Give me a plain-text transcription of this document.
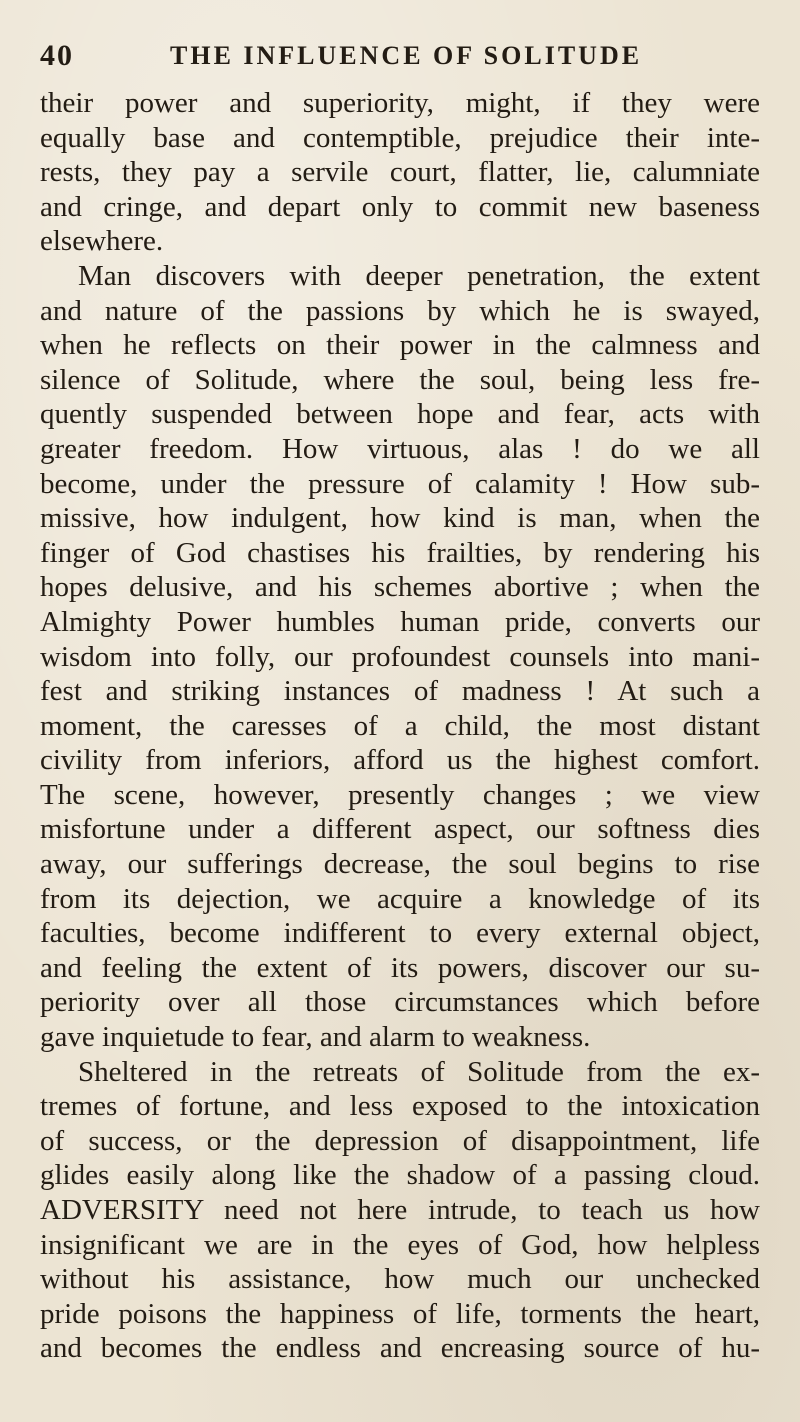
40	THE INFLUENCE OF SOLITUDE
their power and superiority, might, if they were
equally base and contemptible, prejudice their inte-
rests, they pay a servile court, flatter, lie, calumniate
and cringe, and depart only to commit new baseness
elsewhere.
Man discovers with deeper penetration, the extent
and nature of the passions by which he is swayed,
when he reflects on their power in the calmness and
silence of Solitude, where the soul, being less fre-
quently suspended between hope and fear, acts with
greater freedom. How virtuous, alas ! do we all
become, under the pressure of calamity ! How sub-
missive, how indulgent, how kind is man, when the
finger of God chastises his frailties, by rendering his
hopes delusive, and his schemes abortive ; when the
Almighty Power humbles human pride, converts our
wisdom into folly, our profoundest counsels into mani-
fest and striking instances of madness ! At such a
moment, the caresses of a child, the most distant
civility from inferiors, afford us the highest comfort.
The scene, however, presently changes ; we view
misfortune under a different aspect, our softness dies
away, our sufferings decrease, the soul begins to rise
from its dejection, we acquire a knowledge of its
faculties, become indifferent to every external object,
and feeling the extent of its powers, discover our su-
periority over all those circumstances which before
gave inquietude to fear, and alarm to weakness.
Sheltered in the retreats of Solitude from the ex-
tremes of fortune, and less exposed to the intoxication
of success, or the depression of disappointment, life
glides easily along like the shadow of a passing cloud.
ADVERSITY need not here intrude, to teach us how
insignificant we are in the eyes of God, how helpless
without his assistance, how much our unchecked
pride poisons the happiness of life, torments the heart,
and becomes the endless and encreasing source of hu-
